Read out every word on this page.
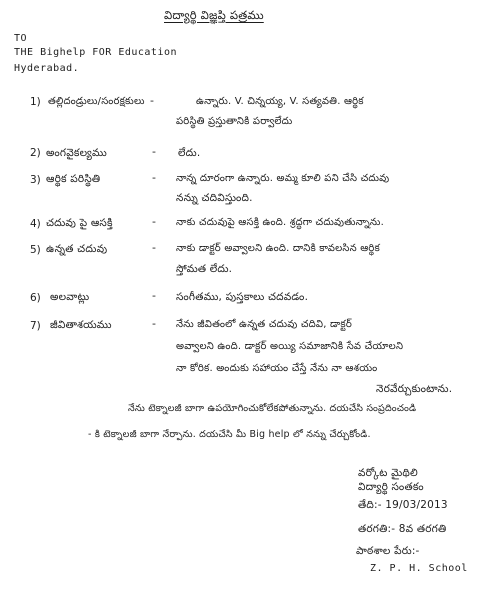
విద్యార్థి విజ్ఞప్తి పత్రము
TO
THE Bighelp FOR Education
Hyderabad.
1) తల్లిదండ్రులు/సంరక్షకులు -	ఉన్నారు. V. చిన్నయ్య, V. సత్యవతి. ఆర్థిక
పరిస్థితి ప్రస్తుతానికి పర్వాలేదు
2) అంగవైకల్యము	- లేదు.
3) ఆర్థిక పరిస్థితి	- నాన్న దూరంగా ఉన్నారు. అమ్మ కూలి పని చేసి చదువు
నన్ను చదివిస్తుంది.
4) చదువు పై ఆసక్తి	- నాకు చదువుపై ఆసక్తి ఉంది. శ్రద్ధగా చదువుతున్నాను.
5) ఉన్నత చదువు	- నాకు డాక్టర్ అవ్వాలని ఉంది. దానికి కావలసిన ఆర్థిక
స్తోమత లేదు.
6) అలవాట్లు	- సంగీతము, పుస్తకాలు చదవడం.
7) జీవితాశయము	- నేను జీవితంలో ఉన్నత చదువు చదివి, డాక్టర్
అవ్వాలని ఉంది. డాక్టర్ అయ్యి సమాజానికి సేవ చేయాలని
నా కోరిక. అందుకు సహాయం చేస్తే నేను నా ఆశయం
నెరవేర్చుకుంటాను.
నేను టెక్నాలజీ బాగా ఉపయోగించుకోలేకపోతున్నాను. దయచేసి సంప్రదించండి
- కి టెక్నాలజీ బాగా నేర్పాను. దయచేసి మీ Big help లో నన్ను చేర్చుకోండి.
వర్కోట మైథిలి
విద్యార్థి సంతకం
తేది:- 19/03/2013
తరగతి:- 8వ తరగతి
పాఠశాల పేరు:-
Z. P. H. School
